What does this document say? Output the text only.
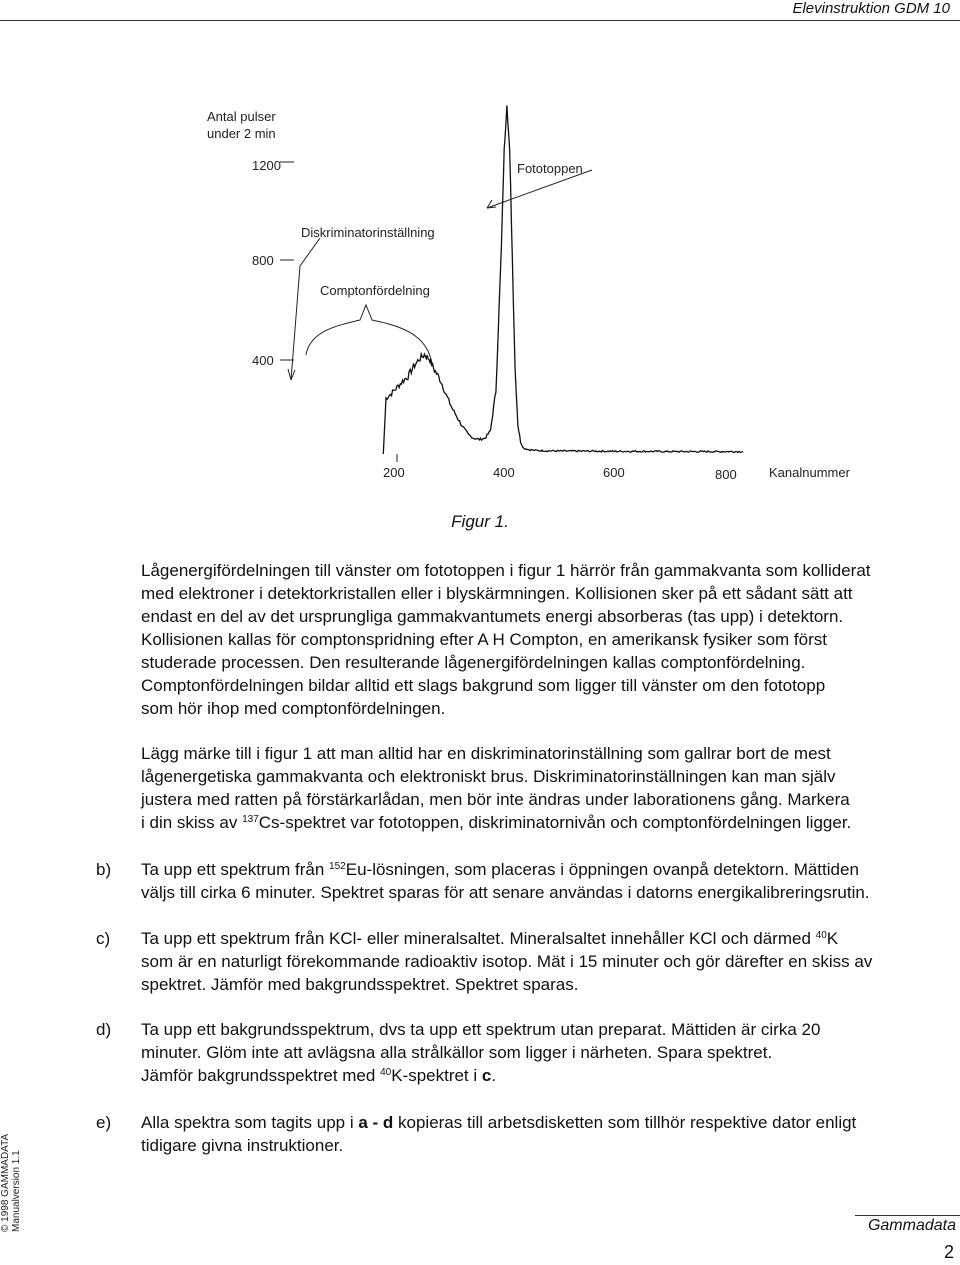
Elevinstruktion GDM 10
Antal pulser
under 2 min
1200
800
400
Fototoppen
Diskriminatorinställning
Comptonfördelning
200	400	600	800 Kanalnummer
Figur 1.
Lågenergifördelningen till vänster om fototoppen i figur 1 härrör från gammakvanta som kolliderat
med elektroner i detektorkristallen eller i blyskärmningen. Kollisionen sker på ett sådant sätt att
endast en del av det ursprungliga gammakvantumets energi absorberas (tas upp) i detektorn.
Kollisionen kallas för comptonspridning efter A H Compton, en amerikansk fysiker som först
studerade processen. Den resulterande lågenergifördelningen kallas comptonfördelning.
Comptonfördelningen bildar alltid ett slags bakgrund som ligger till vänster om den fototopp
som hör ihop med comptonfördelningen.
Lägg märke till i figur 1 att man alltid har en diskriminatorinställning som gallrar bort de mest
lågenergetiska gammakvanta och elektroniskt brus. Diskriminatorinställningen kan man själv
justera med ratten på förstärkarlådan, men bör inte ändras under laborationens gång. Markera
i din skiss av $^{137}$Cs-spektret var fototoppen, diskriminatornivån och comptonfördelningen ligger.
b) Ta upp ett spektrum från $^{152}$Eu-lösningen, som placeras i öppningen ovanpå detektorn. Mättiden
väljs till cirka 6 minuter. Spektret sparas för att senare användas i datorns energikalibreringsrutin.
c) Ta upp ett spektrum från KCl- eller mineralsaltet. Mineralsaltet innehåller KCl och därmed $^{40}$K
som är en naturligt förekommande radioaktiv isotop. Mät i 15 minuter och gör därefter en skiss av
spektret. Jämför med bakgrundsspektret. Spektret sparas.
d) Ta upp ett bakgrundsspektrum, dvs ta upp ett spektrum utan preparat. Mättiden är cirka 20
minuter. Glöm inte att avlägsna alla strålkällor som ligger i närheten. Spara spektret.
Jämför bakgrundsspektret med $^{40}$K-spektret i c.
e) Alla spektra som tagits upp i a - d kopieras till arbetsdisketten som tillhör respektive dator enligt
tidigare givna instruktioner.
© 1998 GAMMADATA Manualversion 1.1	Gammadata
2
